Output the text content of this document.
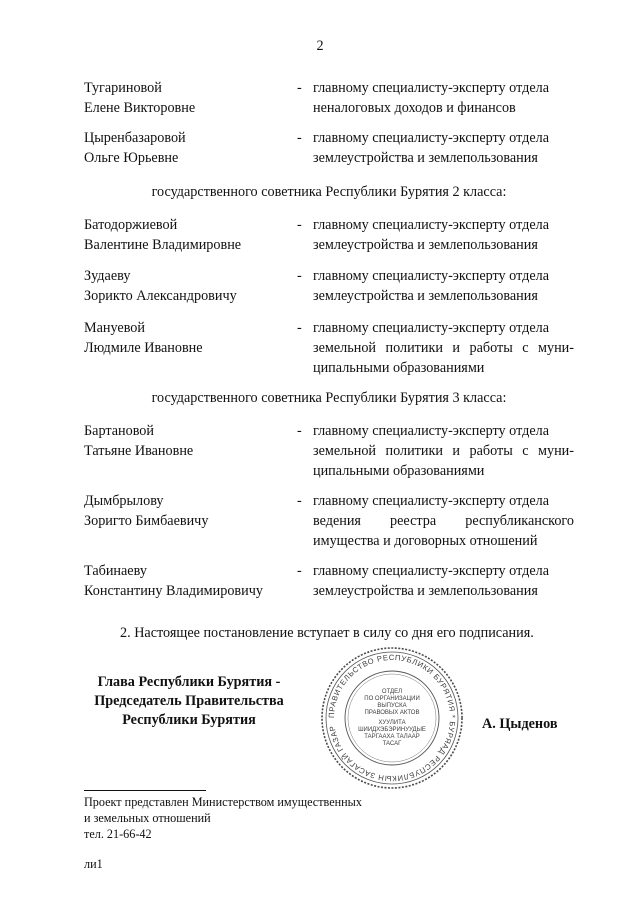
2
Тугариновой
Елене Викторовне
- главному специалисту-эксперту отдела
неналоговых доходов и финансов
Цыренбазаровой
Ольге Юрьевне
- главному специалисту-эксперту отдела
землеустройства и землепользования
государственного советника Республики Бурятия 2 класса:
Батодоржиевой
Валентине Владимировне
- главному специалисту-эксперту отдела
землеустройства и землепользования
Зудаеву
Зорикто Александровичу
- главному специалисту-эксперту отдела
землеустройства и землепользования
Мануевой
Людмиле Ивановне
- главному специалисту-эксперту отдела
земельной политики и работы с муни-
ципальными образованиями
государственного советника Республики Бурятия 3 класса:
Бартановой
Татьяне Ивановне
- главному специалисту-эксперту отдела
земельной политики и работы с муни-
ципальными образованиями
Дымбрылову
Зоригто Бимбаевичу
- главному специалисту-эксперту отдела
ведения реестра республиканского
имущества и договорных отношений
Табинаеву
Константину Владимировичу
- главному специалисту-эксперту отдела
землеустройства и землепользования
2. Настоящее постановление вступает в силу со дня его подписания.
Глава Республики Бурятия -
Председатель Правительства
Республики Бурятия	ПРАВИТЕЛЬСТВО РЕСПУБЛИКИ БУРЯТИЯ * БУРЯАД РЕСПУБЛИКЫН ЗАСАГАЙ ГАЗАР
ОТДЕЛ
ПО ОРГАНИЗАЦИИ
ВЫПУСКА
ПРАВОВЫХ АКТОВ
ХУУЛИТА
ШИИДХЭБЭРИНУУДЫЕ
ТАРГААХА ТАЛААР
ТАСАГ
А. Цыденов
Проект представлен Министерством имущественных
и земельных отношений
тел. 21-66-42
ли1
